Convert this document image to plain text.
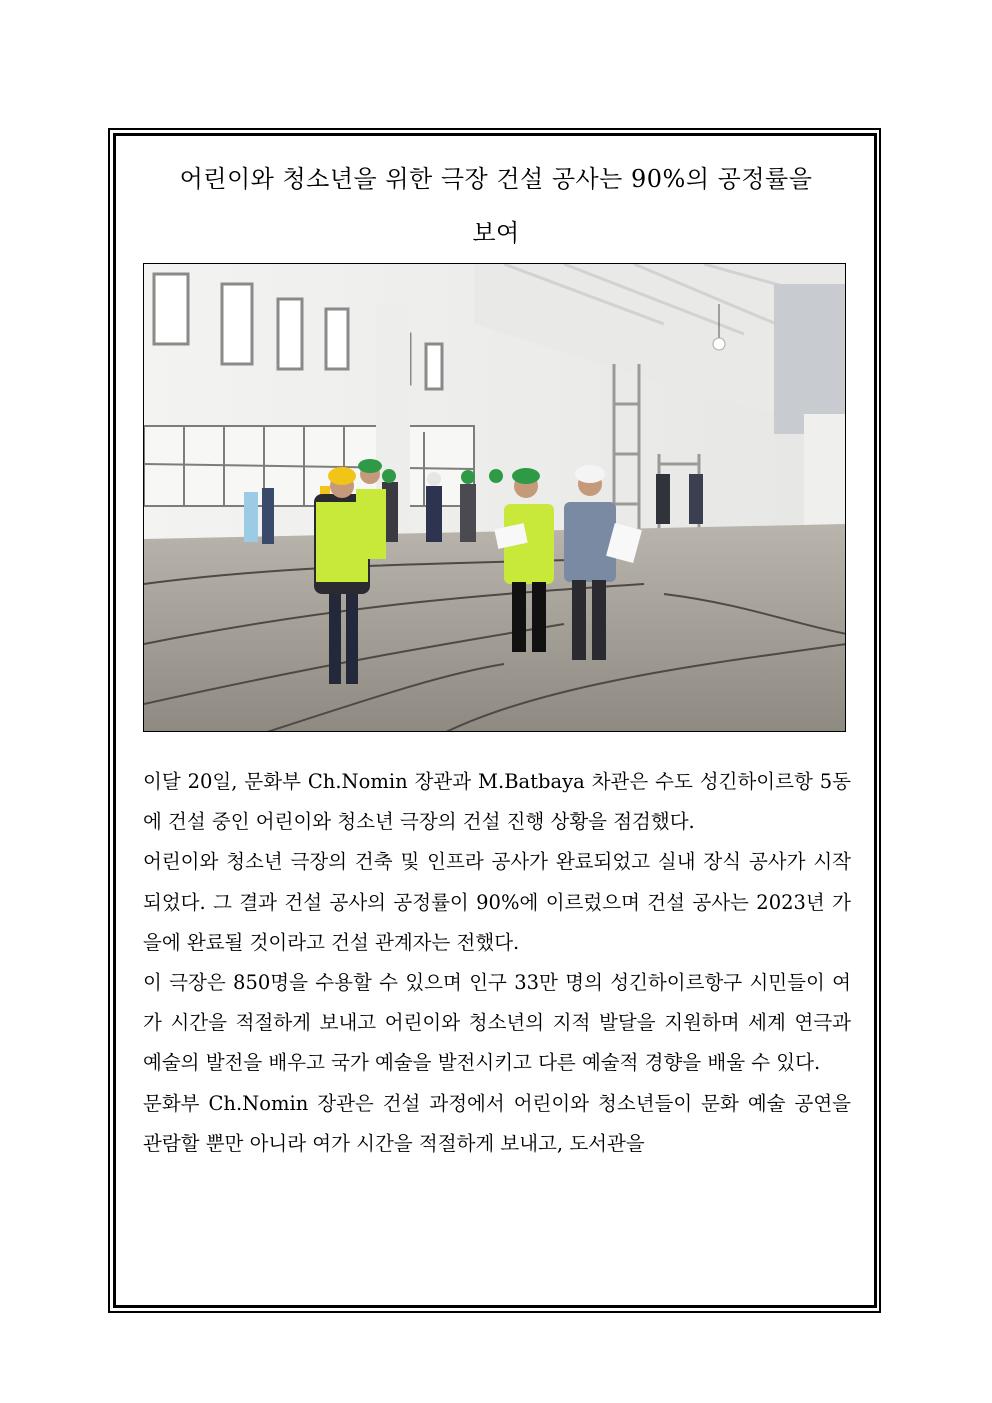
어린이와 청소년을 위한 극장 건설 공사는 90%의 공정률을
보여

이달 20일, 문화부 Ch.Nomin 장관과 M.Batbaya 차관은 수도 성긴하이르항 5동에 건설 중인 어린이와 청소년 극장의 건설 진행 상황을 점검했다.

어린이와 청소년 극장의 건축 및 인프라 공사가 완료되었고 실내 장식 공사가 시작되었다. 그 결과 건설 공사의 공정률이 90%에 이르렀으며 건설 공사는 2023년 가을에 완료될 것이라고 건설 관계자는 전했다.

이 극장은 850명을 수용할 수 있으며 인구 33만 명의 성긴하이르항구 시민들이 여가 시간을 적절하게 보내고 어린이와 청소년의 지적 발달을 지원하며 세계 연극과 예술의 발전을 배우고 국가 예술을 발전시키고 다른 예술적 경향을 배울 수 있다.

문화부 Ch.Nomin 장관은 건설 과정에서 어린이와 청소년들이 문화 예술 공연을 관람할 뿐만 아니라 여가 시간을 적절하게 보내고, 도서관을
